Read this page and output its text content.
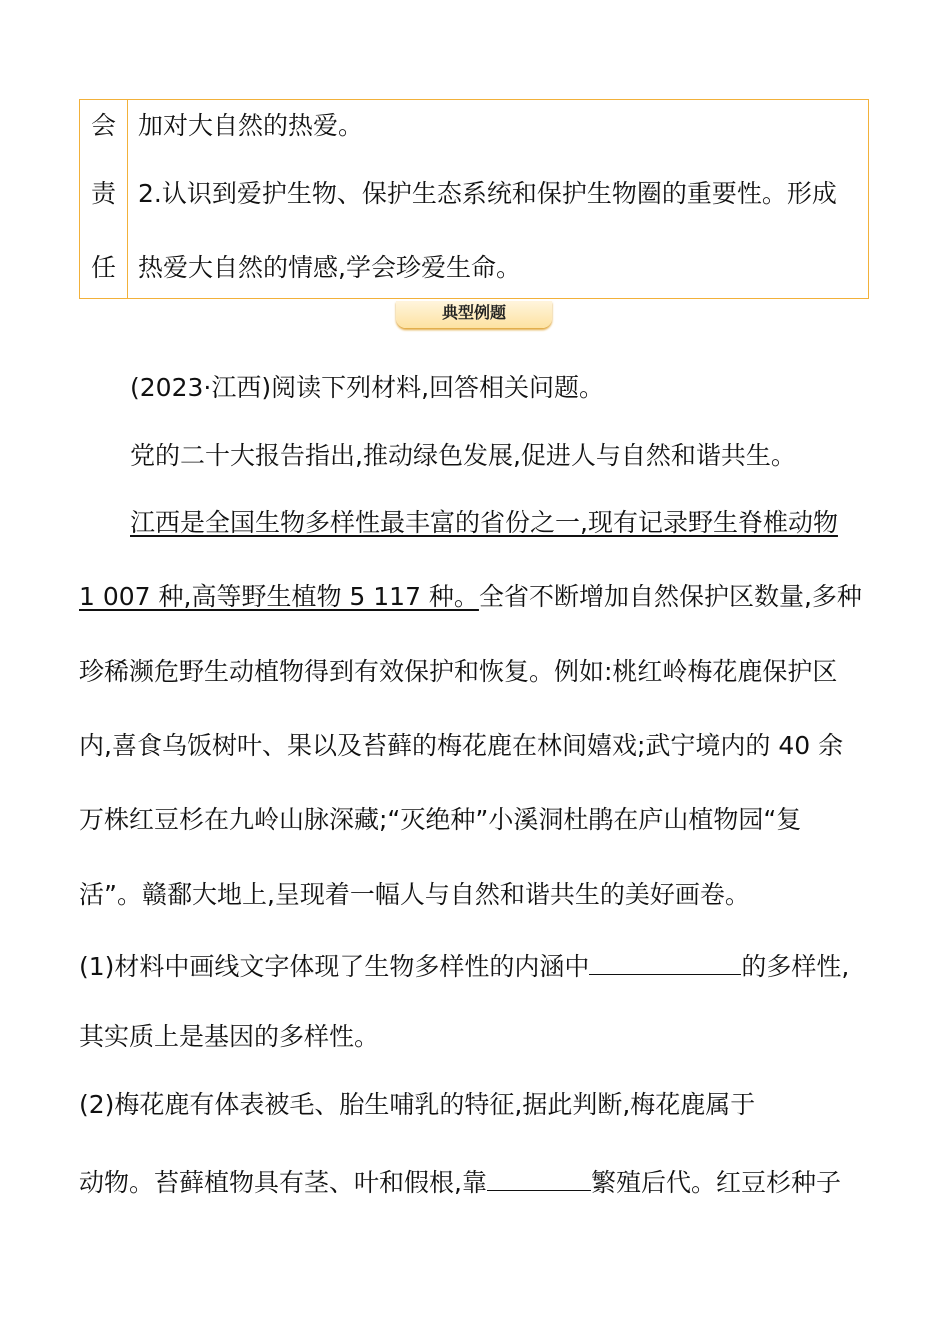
会
责
任
加对大自然的热爱。
2.认识到爱护生物、保护生态系统和保护生物圈的重要性。形成
热爱大自然的情感,学会珍爱生命。
典型例题
(2023·江西)阅读下列材料,回答相关问题。
党的二十大报告指出,推动绿色发展,促进人与自然和谐共生。
江西是全国生物多样性最丰富的省份之一,现有记录野生脊椎动物
1 007 种,高等野生植物 5 117 种。全省不断增加自然保护区数量,多种
珍稀濒危野生动植物得到有效保护和恢复。例如:桃红岭梅花鹿保护区
内,喜食乌饭树叶、果以及苔藓的梅花鹿在林间嬉戏;武宁境内的 40 余
万株红豆杉在九岭山脉深藏;“灭绝种”小溪洞杜鹃在庐山植物园“复
活”。赣鄱大地上,呈现着一幅人与自然和谐共生的美好画卷。
(1)材料中画线文字体现了生物多样性的内涵中	的多样性,
其实质上是基因的多样性。
(2)梅花鹿有体表被毛、胎生哺乳的特征,据此判断,梅花鹿属于
动物。苔藓植物具有茎、叶和假根,靠	繁殖后代。红豆杉种子
